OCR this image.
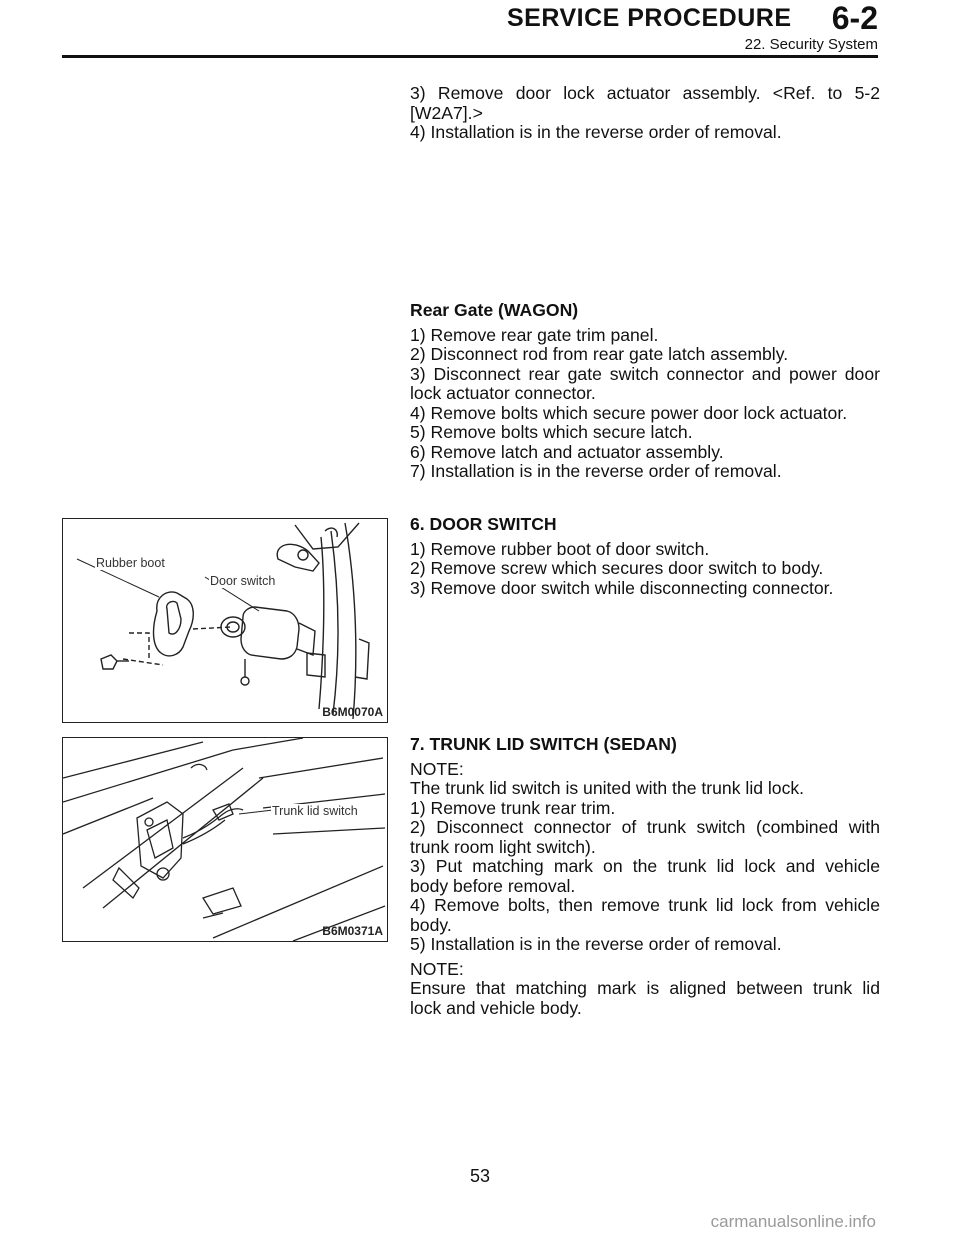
SERVICE PROCEDURE 6-2
22. Security System

3) Remove door lock actuator assembly. <Ref. to 5-2

[W2A7].>

4) Installation is in the reverse order of removal.

Rear Gate (WAGON)

1) Remove rear gate trim panel.

2) Disconnect rod from rear gate latch assembly.

3) Disconnect rear gate switch connector and power door

lock actuator connector.

4) Remove bolts which secure power door lock actuator.

5) Remove bolts which secure latch.

6) Remove latch and actuator assembly.

7) Installation is in the reverse order of removal.

6. DOOR SWITCH

1) Remove rubber boot of door switch.

2) Remove screw which secures door switch to body.

3) Remove door switch while disconnecting connector.

Rubber boot
Door switch
B6M0070A

7. TRUNK LID SWITCH (SEDAN)

NOTE:

The trunk lid switch is united with the trunk lid lock.

1) Remove trunk rear trim.

2) Disconnect connector of trunk switch (combined with

trunk room light switch).

3) Put matching mark on the trunk lid lock and vehicle

body before removal.

4) Remove bolts, then remove trunk lid lock from vehicle

body.

5) Installation is in the reverse order of removal.

NOTE:

Ensure that matching mark is aligned between trunk lid

lock and vehicle body.

Trunk lid switch
B6M0371A
53
carmanualsonline.info
